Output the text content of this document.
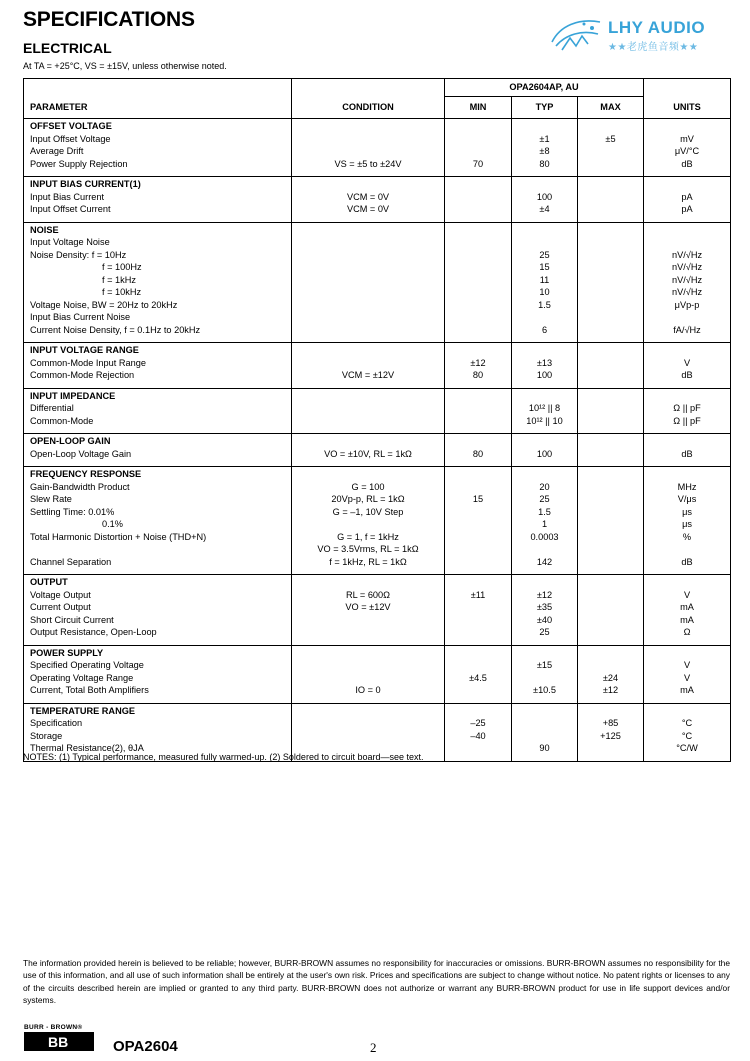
SPECIFICATIONS
ELECTRICAL
At TA = +25°C, VS = ±15V, unless otherwise noted.
LHY AUDIO
★★老虎鱼音频★★
		OPA2604AP, AU			
PARAMETER	CONDITION	MIN	TYP	MAX	UNITS
OFFSET VOLTAGE					
Input Offset Voltage			±1	±5	mV
Average Drift			±8		μV/°C
Power Supply Rejection	VS = ±5 to ±24V	70	80		dB

INPUT BIAS CURRENT(1)					
Input Bias Current	VCM = 0V		100		pA
Input Offset Current	VCM = 0V		±4		pA

NOISE					
Input Voltage Noise					
Noise Density: f = 10Hz			25		nV/√Hz
f = 100Hz			15		nV/√Hz
f = 1kHz			11		nV/√Hz
f = 10kHz			10		nV/√Hz
Voltage Noise, BW = 20Hz to 20kHz			1.5		μVp-p
Input Bias Current Noise					
Current Noise Density, f = 0.1Hz to 20kHz			6		fA/√Hz

INPUT VOLTAGE RANGE					
Common-Mode Input Range		±12	±13		V
Common-Mode Rejection	VCM = ±12V	80	100		dB

INPUT IMPEDANCE					
Differential			10¹² || 8		Ω || pF
Common-Mode			10¹² || 10		Ω || pF

OPEN-LOOP GAIN					
Open-Loop Voltage Gain	VO = ±10V, RL = 1kΩ	80	100		dB

FREQUENCY RESPONSE					
Gain-Bandwidth Product	G = 100		20		MHz
Slew Rate	20Vp-p, RL = 1kΩ	15	25		V/μs
Settling Time: 0.01%	G = –1, 10V Step		1.5		μs
0.1%			1		μs
Total Harmonic Distortion + Noise (THD+N)	G = 1, f = 1kHz		0.0003		%
	VO = 3.5Vrms, RL = 1kΩ				
Channel Separation	f = 1kHz, RL = 1kΩ		142		dB

OUTPUT					
Voltage Output	RL = 600Ω	±11	±12		V
Current Output	VO = ±12V		±35		mA
Short Circuit Current			±40		mA
Output Resistance, Open-Loop			25		Ω

POWER SUPPLY					
Specified Operating Voltage			±15		V
Operating Voltage Range		±4.5		±24	V
Current, Total Both Amplifiers	IO = 0		±10.5	±12	mA

TEMPERATURE RANGE					
Specification		–25		+85	°C
Storage		–40		+125	°C
Thermal Resistance(2), θJA			90		°C/W

NOTES: (1) Typical performance, measured fully warmed-up. (2) Soldered to circuit board—see text.
The information provided herein is believed to be reliable; however, BURR-BROWN assumes no responsibility for inaccuracies or omissions. BURR-BROWN assumes no responsibility for the use of this information, and all use of such information shall be entirely at the user's own risk. Prices and specifications are subject to change without notice. No patent rights or licenses to any of the circuits described herein are implied or granted to any third party. BURR-BROWN does not authorize or warrant any BURR-BROWN product for use in life support devices and/or systems.
BURR - BROWN®
BB	OPA2604	2
